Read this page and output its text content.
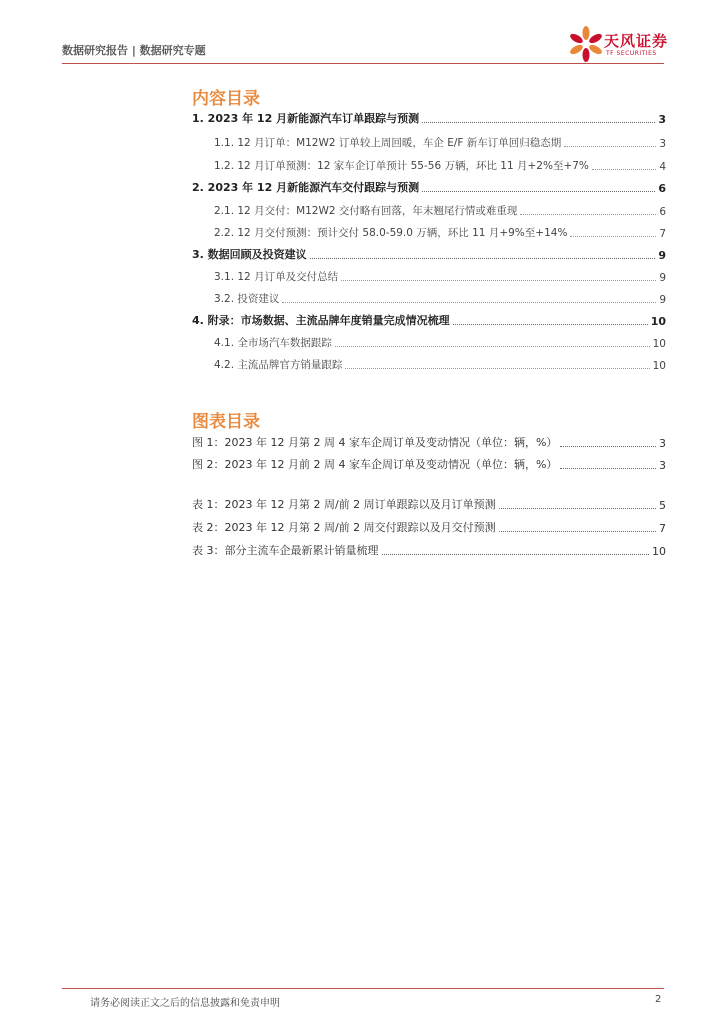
数据研究报告 | 数据研究专题
天风证券
TF SECURITIES
内容目录
1. 2023 年 12 月新能源汽车订单跟踪与预测	3
1.1. 12 月订单：M12W2 订单较上周回暖，车企 E/F 新车订单回归稳态期	3
1.2. 12 月订单预测：12 家车企订单预计 55-56 万辆，环比 11 月+2%至+7%	4
2. 2023 年 12 月新能源汽车交付跟踪与预测	6
2.1. 12 月交付：M12W2 交付略有回落，年末翘尾行情或难重现	6
2.2. 12 月交付预测：预计交付 58.0-59.0 万辆，环比 11 月+9%至+14%	7
3. 数据回顾及投资建议	9
3.1. 12 月订单及交付总结	9
3.2. 投资建议	9
4. 附录：市场数据、主流品牌年度销量完成情况梳理	10
4.1. 全市场汽车数据跟踪	10
4.2. 主流品牌官方销量跟踪	10
图表目录
图 1：2023 年 12 月第 2 周 4 家车企周订单及变动情况（单位：辆，%）	3
图 2：2023 年 12 月前 2 周 4 家车企周订单及变动情况（单位：辆，%）	3
表 1：2023 年 12 月第 2 周/前 2 周订单跟踪以及月订单预测	5
表 2：2023 年 12 月第 2 周/前 2 周交付跟踪以及月交付预测	7
表 3：部分主流车企最新累计销量梳理	10
请务必阅读正文之后的信息披露和免责申明	2
